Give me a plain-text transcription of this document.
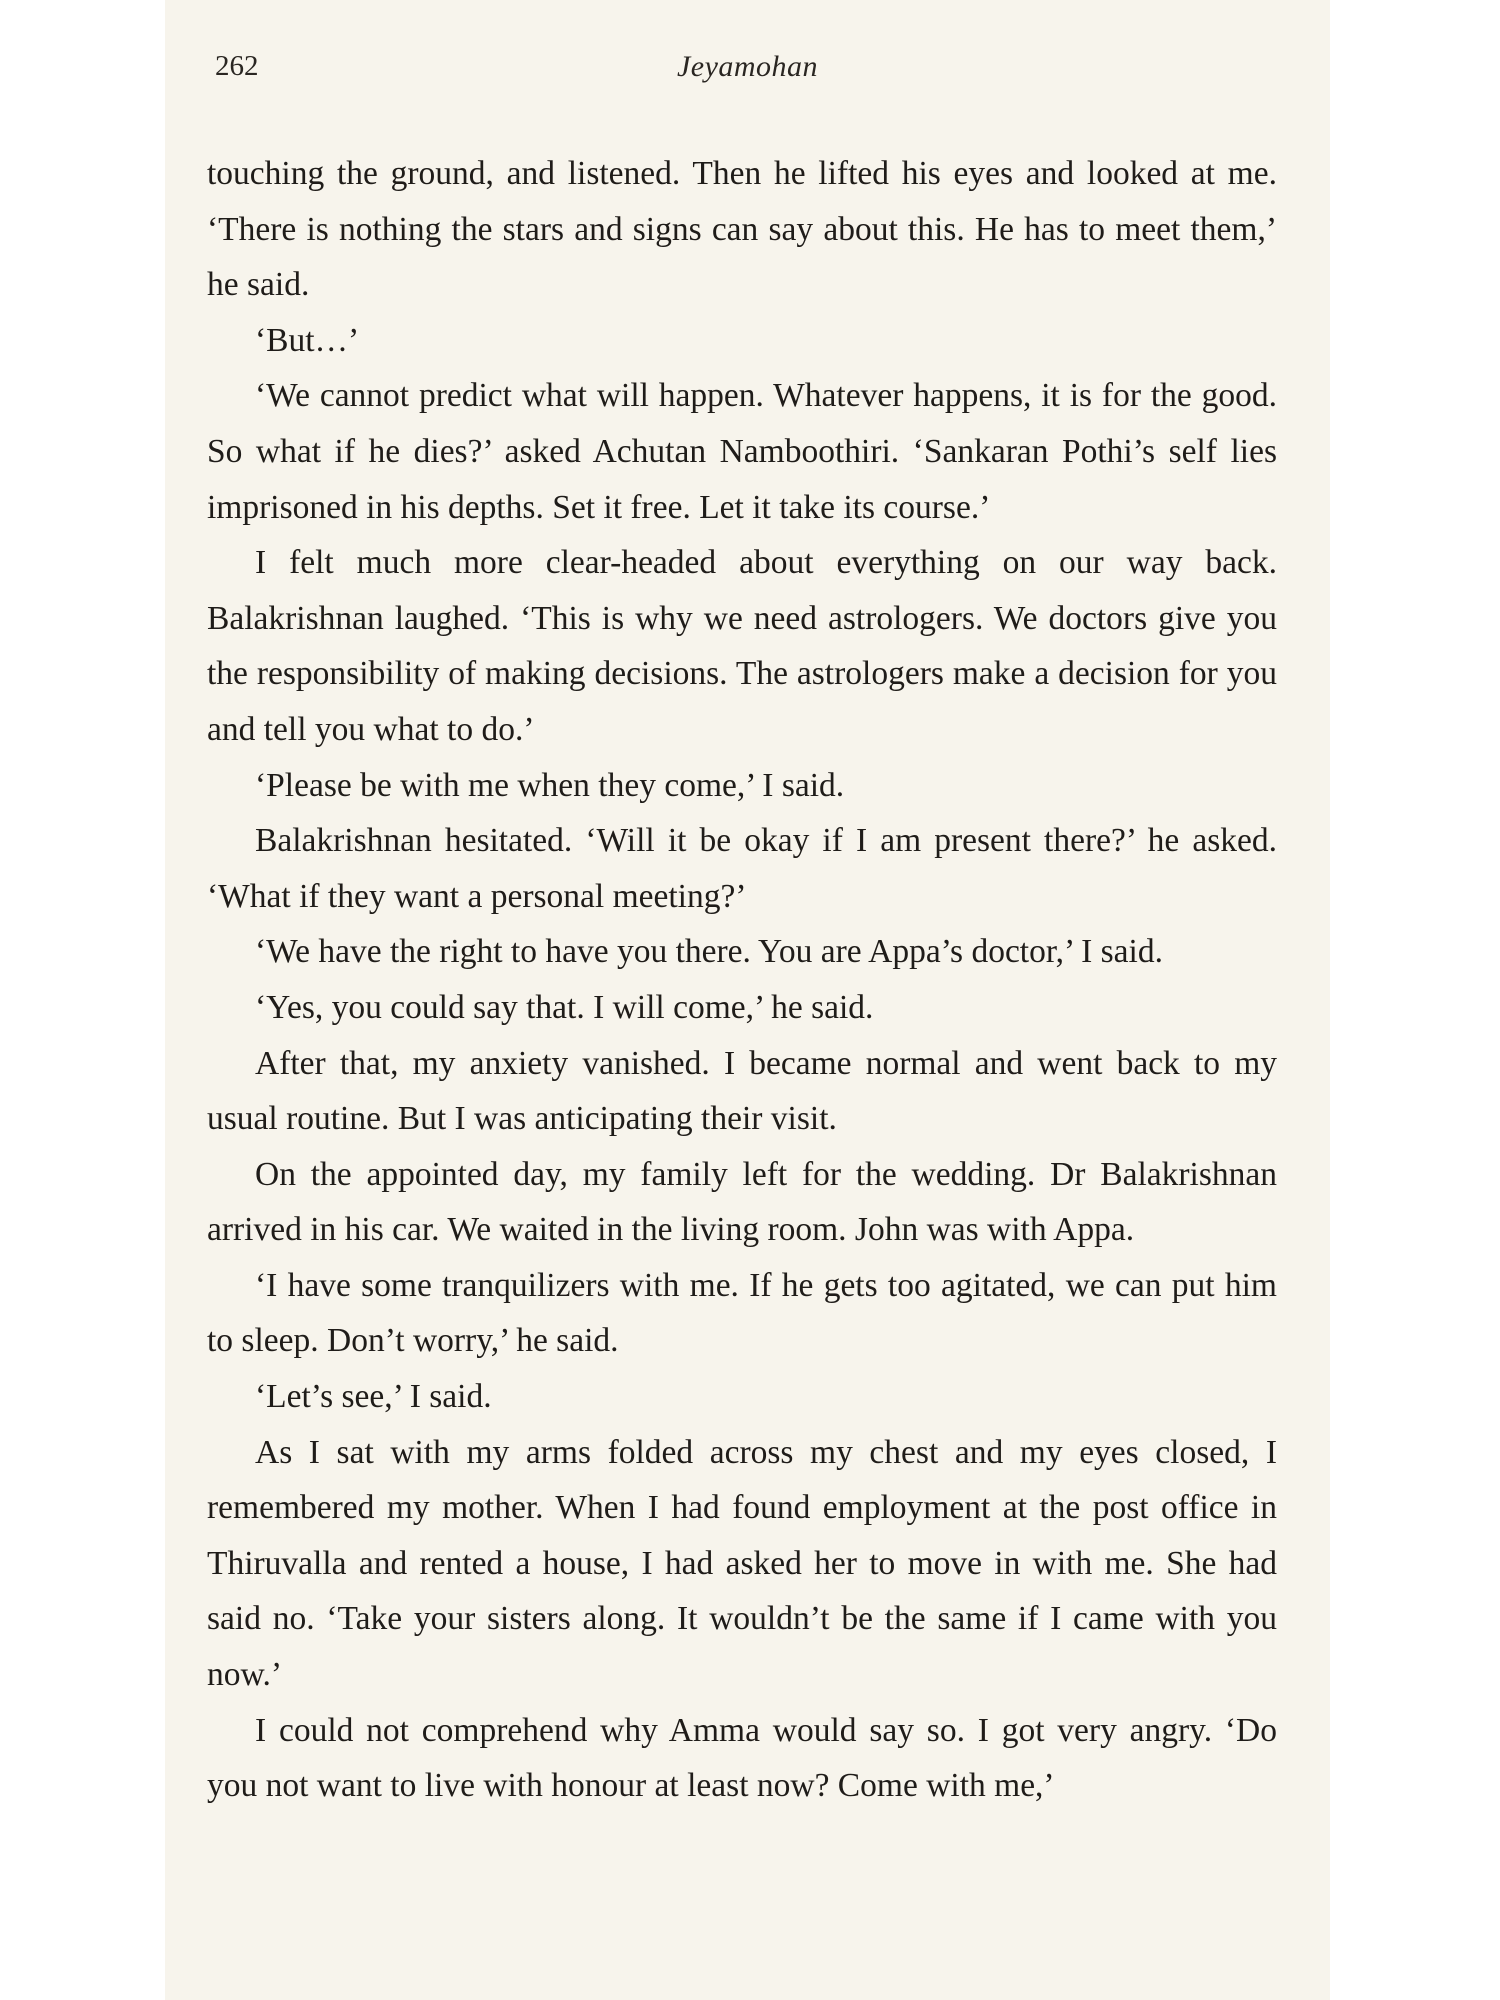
262	Jeyamohan

touching the ground, and listened. Then he lifted his eyes and looked at me. ‘There is nothing the stars and signs can say about this. He has to meet them,’ he said.

‘But…’

‘We cannot predict what will happen. Whatever happens, it is for the good. So what if he dies?’ asked Achutan Namboothiri. ‘Sankaran Pothi’s self lies imprisoned in his depths. Set it free. Let it take its course.’

I felt much more clear-headed about everything on our way back. Balakrishnan laughed. ‘This is why we need astrologers. We doctors give you the responsibility of making decisions. The astrologers make a decision for you and tell you what to do.’

‘Please be with me when they come,’ I said.

Balakrishnan hesitated. ‘Will it be okay if I am present there?’ he asked. ‘What if they want a personal meeting?’

‘We have the right to have you there. You are Appa’s doctor,’ I said.

‘Yes, you could say that. I will come,’ he said.

After that, my anxiety vanished. I became normal and went back to my usual routine. But I was anticipating their visit.

On the appointed day, my family left for the wedding. Dr Balakrishnan arrived in his car. We waited in the living room. John was with Appa.

‘I have some tranquilizers with me. If he gets too agitated, we can put him to sleep. Don’t worry,’ he said.

‘Let’s see,’ I said.

As I sat with my arms folded across my chest and my eyes closed, I remembered my mother. When I had found employment at the post office in Thiruvalla and rented a house, I had asked her to move in with me. She had said no. ‘Take your sisters along. It wouldn’t be the same if I came with you now.’

I could not comprehend why Amma would say so. I got very angry. ‘Do you not want to live with honour at least now? Come with me,’
